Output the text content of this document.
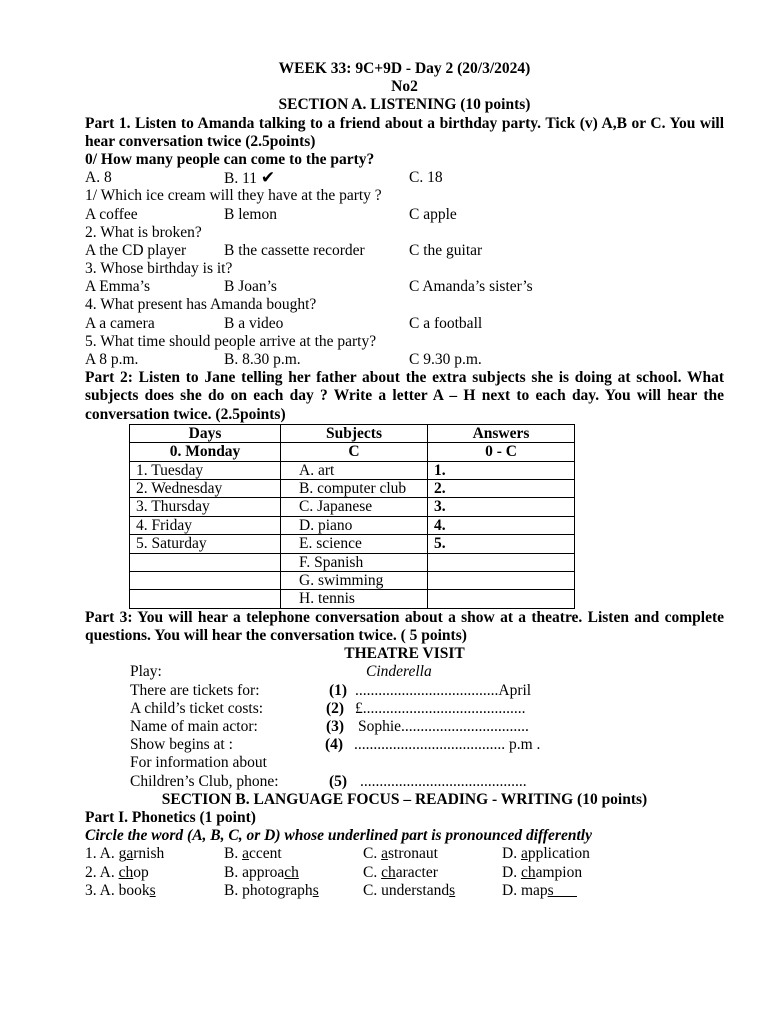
WEEK 33: 9C+9D - Day 2 (20/3/2024)
No2
SECTION A. LISTENING (10 points)
Part 1. Listen to Amanda talking to a friend about a birthday party. Tick (v) A,B or C. You will hear conversation twice (2.5points)
0/ How many people can come to the party?
A. 8	B. 11 ✔	C. 18
1/ Which ice cream will they have at the party ?
A coffee	B lemon	C apple
2. What is broken?
A the CD player B the cassette recorder	C the guitar
3. Whose birthday is it?
A Emma’s	B Joan’s	C Amanda’s sister’s
4. What present has Amanda bought?
A a camera	B a video	C a football
5. What time should people arrive at the party?
A 8 p.m.	B. 8.30 p.m.	C 9.30 p.m.
Part 2: Listen to Jane telling her father about the extra subjects she is doing at school. What subjects does she do on each day ? Write a letter A – H next to each day. You will hear the conversation twice. (2.5points)
Days	Subjects	Answers
0. Monday	C	0 - C
1. Tuesday	A. art	1.
2. Wednesday	B. computer club	2.
3. Thursday	C. Japanese	3.
4. Friday	D. piano	4.
5. Saturday	E. science	5.
	F. Spanish	
	G. swimming	
	H. tennis	
Part 3: You will hear a telephone conversation about a show at a theatre. Listen and complete questions. You will hear the conversation twice. ( 5 points)
THEATRE VISIT
Play:	Cinderella
There are tickets for:	(1) .....................................April
A child’s ticket costs:	(2) £..........................................
Name of main actor:	(3) Sophie.................................
Show begins at :	(4) ....................................... p.m .
For information about
Children’s Club, phone:	(5) ...........................................
SECTION B. LANGUAGE FOCUS – READING - WRITING (10 points)
Part I. Phonetics (1 point)
Circle the word (A, B, C, or D) whose underlined part is pronounced differently
1. A. garnish	B. accent	C. astronaut	D. application
2. A. chop	B. approach	C. character	D. champion
3. A. books	B. photographs	C. understands	D. maps___
